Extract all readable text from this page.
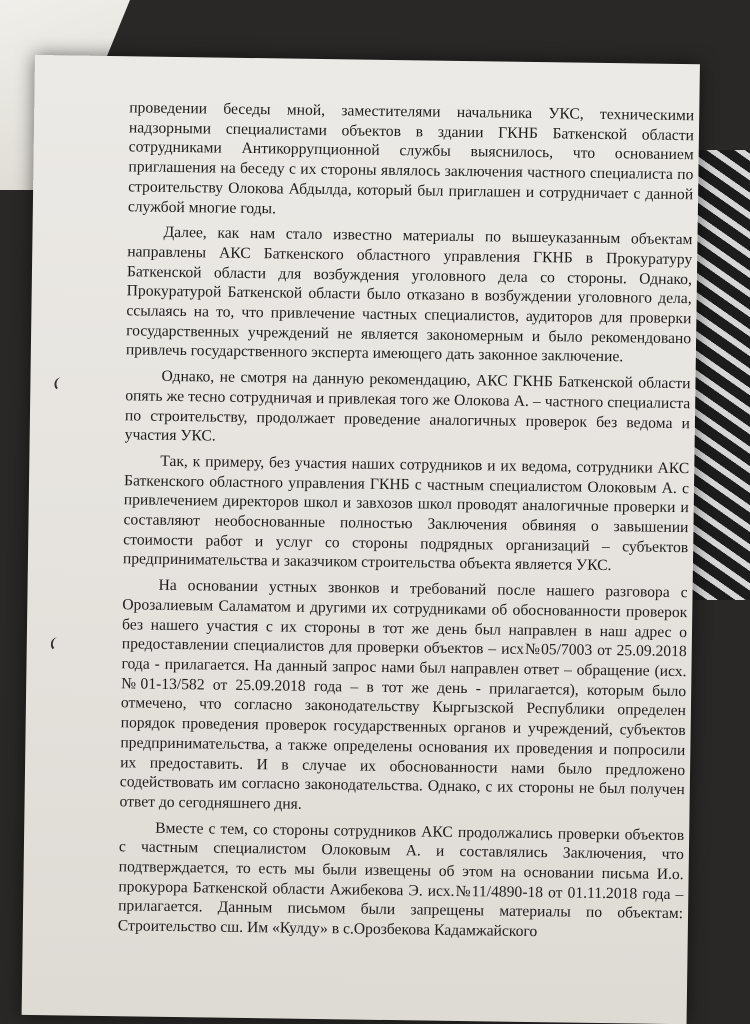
проведении беседы мной, заместителями начальника УКС, техническими надзорными специалистами объектов в здании ГКНБ Баткенской области сотрудниками Антикоррупционной службы выяснилось, что основанием приглашения на беседу с их стороны являлось заключения частного специалиста по строительству Олокова Абдылда, который был приглашен и сотрудничает с данной службой многие годы.

Далее, как нам стало известно материалы по вышеуказанным объектам направлены АКС Баткенского областного управления ГКНБ в Прокуратуру Баткенской области для возбуждения уголовного дела со стороны. Однако, Прокуратурой Баткенской области было отказано в возбуждении уголовного дела, ссылаясь на то, что привлечение частных специалистов, аудиторов для проверки государственных учреждений не является закономерным и было рекомендовано привлечь государственного эксперта имеющего дать законное заключение.

Однако, не смотря на данную рекомендацию, АКС ГКНБ Баткенской области опять же тесно сотрудничая и привлекая того же Олокова А. – частного специалиста по строительству, продолжает проведение аналогичных проверок без ведома и участия УКС.

Так, к примеру, без участия наших сотрудников и их ведома, сотрудники АКС Баткенского областного управления ГКНБ с частным специалистом Олоковым А. с привлечением директоров школ и завхозов школ проводят аналогичные проверки и составляют необоснованные полностью Заключения обвиняя о завышении стоимости работ и услуг со стороны подрядных организаций – субъектов предпринимательства и заказчиком строительства объекта является УКС.

На основании устных звонков и требований после нашего разговора с Орозалиевым Саламатом и другими их сотрудниками об обоснованности проверок без нашего участия с их стороны в тот же день был направлен в наш адрес о предоставлении специалистов для проверки объектов – исх№05/7003 от 25.09.2018 года - прилагается. На данный запрос нами был направлен ответ – обращение (исх.№01-13/582 от 25.09.2018 года – в тот же день - прилагается), которым было отмечено, что согласно законодательству Кыргызской Республики определен порядок проведения проверок государственных органов и учреждений, субъектов предпринимательства, а также определены основания их проведения и попросили их предоставить. И в случае их обоснованности нами было предложено содействовать им согласно законодательства. Однако, с их стороны не был получен ответ до сегодняшнего дня.

Вместе с тем, со стороны сотрудников АКС продолжались проверки объектов с частным специалистом Олоковым А. и составлялись Заключения, что подтверждается, то есть мы были извещены об этом на основании письма И.о. прокурора Баткенской области Ажибекова Э. исх.№11/4890-18 от 01.11.2018 года – прилагается. Данным письмом были запрещены материалы по объектам: Строительство сш. Им «Кулду» в с.Орозбекова Кадамжайского
